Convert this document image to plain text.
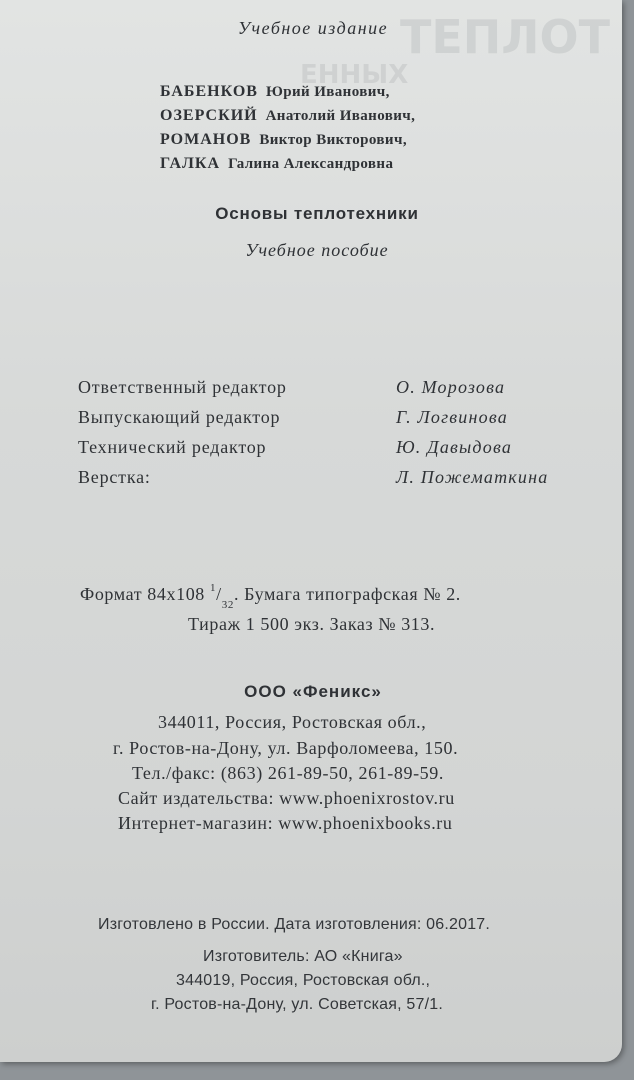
ТЕПЛОТ
ЕННЫХ
Учебное издание
БАБЕНКОВ Юрий Иванович,
ОЗЕРСКИЙ Анатолий Иванович,
РОМАНОВ Виктор Викторович,
ГАЛКА Галина Александровна
Основы теплотехники
Учебное пособие
Ответственный редактор	О. Морозова
Выпускающий редактор	Г. Логвинова
Технический редактор	Ю. Давыдова
Верстка:	Л. Пожематкина
Формат 84х108 $^1/_{32}$. Бумага типографская № 2.
Тираж 1 500 экз. Заказ № 313.
ООО «Феникс»
344011, Россия, Ростовская обл.,
г. Ростов-на-Дону, ул. Варфоломеева, 150.
Тел./факс: (863) 261-89-50, 261-89-59.
Сайт издательства: www.phoenixrostov.ru
Интернет-магазин: www.phoenixbooks.ru
Изготовлено в России. Дата изготовления: 06.2017.
Изготовитель: АО «Книга»
344019, Россия, Ростовская обл.,
г. Ростов-на-Дону, ул. Советская, 57/1.
